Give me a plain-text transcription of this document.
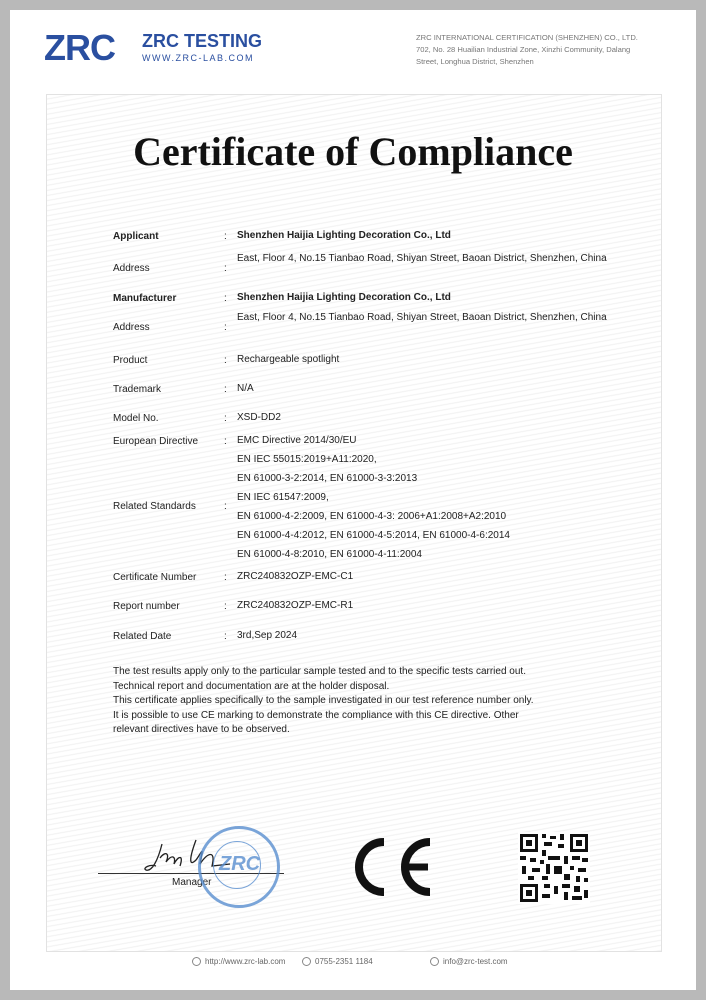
ZRC ZRC TESTING
WWW.ZRC-LAB.COM
ZRC INTERNATIONAL CERTIFICATION (SHENZHEN) CO., LTD.
702, No. 28 Huailian Industrial Zone, Xinzhi Community, Dalang
Street, Longhua District, Shenzhen
Certificate of Compliance
Applicant	: Shenzhen Haijia Lighting Decoration Co., Ltd
Address	:
East, Floor 4, No.15 Tianbao Road, Shiyan Street, Baoan District, Shenzhen, China
Manufacturer	: Shenzhen Haijia Lighting Decoration Co., Ltd
Address	:
East, Floor 4, No.15 Tianbao Road, Shiyan Street, Baoan District, Shenzhen, China
Product	: Rechargeable spotlight
Trademark	: N/A
Model No.	: XSD-DD2
European Directive	: EMC Directive 2014/30/EU
Related Standards	:
EN IEC 55015:2019+A11:2020,
EN 61000-3-2:2014, EN 61000-3-3:2013
EN IEC 61547:2009,
EN 61000-4-2:2009, EN 61000-4-3: 2006+A1:2008+A2:2010
EN 61000-4-4:2012, EN 61000-4-5:2014, EN 61000-4-6:2014
EN 61000-4-8:2010, EN 61000-4-11:2004
Certificate Number	: ZRC240832OZP-EMC-C1
Report number	: ZRC240832OZP-EMC-R1
Related Date	: 3rd,Sep 2024
The test results apply only to the particular sample tested and to the specific tests carried out.
Technical report and documentation are at the holder disposal.
This certificate applies specifically to the sample investigated in our test reference number only.
It is possible to use CE marking to demonstrate the compliance with this CE directive. Other
relevant directives have to be observed.
Manager
ZRC
http://www.zrc-lab.com	0755-2351 1184	info@zrc-test.com
